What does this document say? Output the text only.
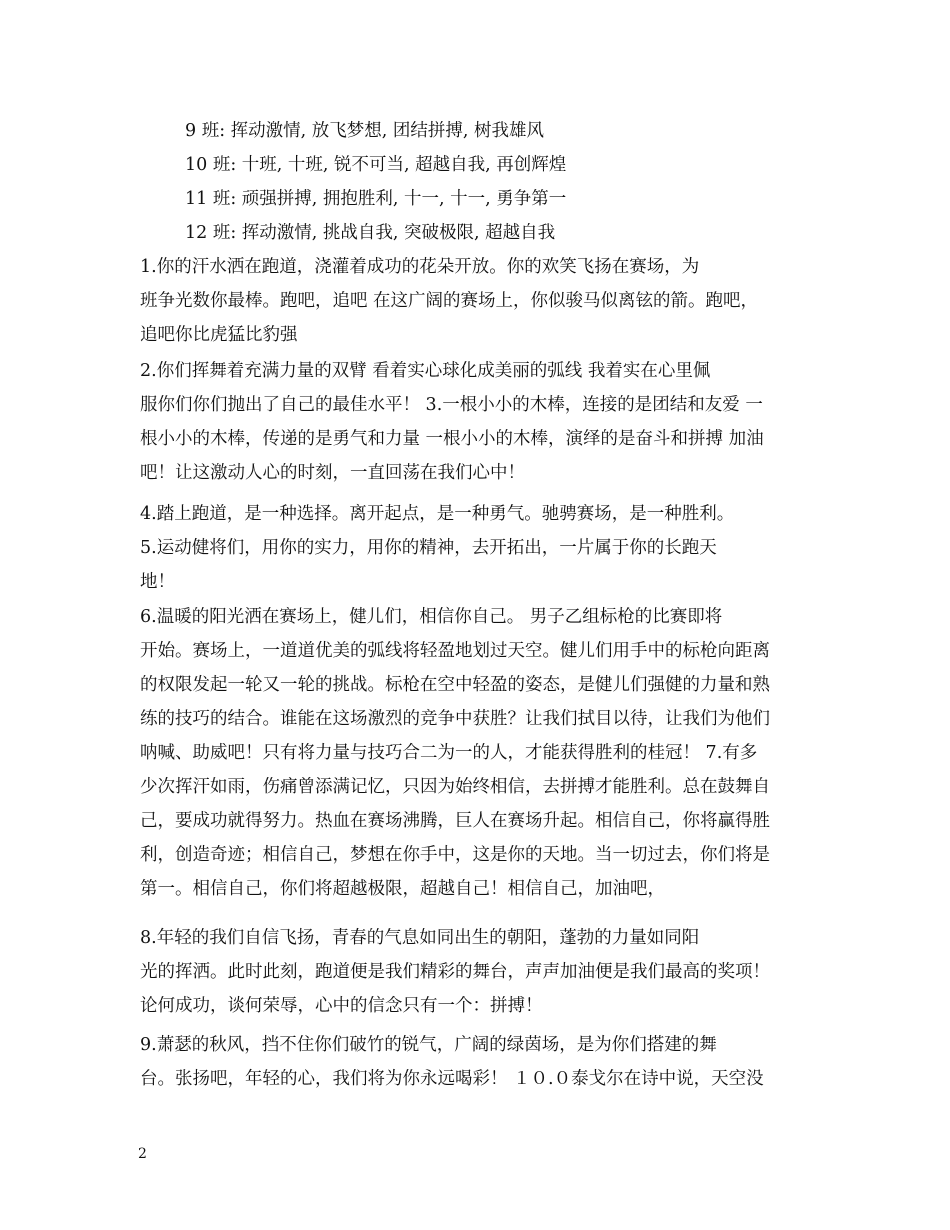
9 班: 挥动激情, 放飞梦想, 团结拼搏, 树我雄风
10 班: 十班, 十班, 锐不可当, 超越自我, 再创辉煌
11 班: 顽强拼搏, 拥抱胜利, 十一, 十一, 勇争第一
12 班: 挥动激情, 挑战自我, 突破极限, 超越自我
1.你的汗水洒在跑道，浇灌着成功的花朵开放。你的欢笑飞扬在赛场，为
班争光数你最棒。跑吧，追吧 在这广阔的赛场上，你似骏马似离铉的箭。跑吧，
追吧你比虎猛比豹强
2.你们挥舞着充满力量的双臂 看着实心球化成美丽的弧线 我着实在心里佩
服你们你们抛出了自己的最佳水平！ 3.一根小小的木棒，连接的是团结和友爱 一
根小小的木棒，传递的是勇气和力量 一根小小的木棒，演绎的是奋斗和拼搏 加油
吧！让这激动人心的时刻，一直回荡在我们心中！
4.踏上跑道，是一种选择。离开起点，是一种勇气。驰骋赛场，是一种胜利。
5.运动健将们，用你的实力，用你的精神，去开拓出，一片属于你的长跑天
地！
6.温暖的阳光洒在赛场上，健儿们，相信你自己。 男子乙组标枪的比赛即将
开始。赛场上，一道道优美的弧线将轻盈地划过天空。健儿们用手中的标枪向距离
的权限发起一轮又一轮的挑战。标枪在空中轻盈的姿态，是健儿们强健的力量和熟
练的技巧的结合。谁能在这场激烈的竞争中获胜？让我们拭目以待，让我们为他们
呐喊、助威吧！只有将力量与技巧合二为一的人，才能获得胜利的桂冠！ 7.有多
少次挥汗如雨，伤痛曾添满记忆，只因为始终相信，去拼搏才能胜利。总在鼓舞自
己，要成功就得努力。热血在赛场沸腾，巨人在赛场升起。相信自己，你将赢得胜
利，创造奇迹；相信自己，梦想在你手中，这是你的天地。当一切过去，你们将是
第一。相信自己，你们将超越极限，超越自己！相信自己，加油吧，
8.年轻的我们自信飞扬，青春的气息如同出生的朝阳，蓬勃的力量如同阳
光的挥洒。此时此刻，跑道便是我们精彩的舞台，声声加油便是我们最高的奖项！
论何成功，谈何荣辱，心中的信念只有一个：拼搏！
9.萧瑟的秋风，挡不住你们破竹的锐气，广阔的绿茵场，是为你们搭建的舞
台。张扬吧，年轻的心，我们将为你永远喝彩！ １０.０泰戈尔在诗中说，天空没
2
